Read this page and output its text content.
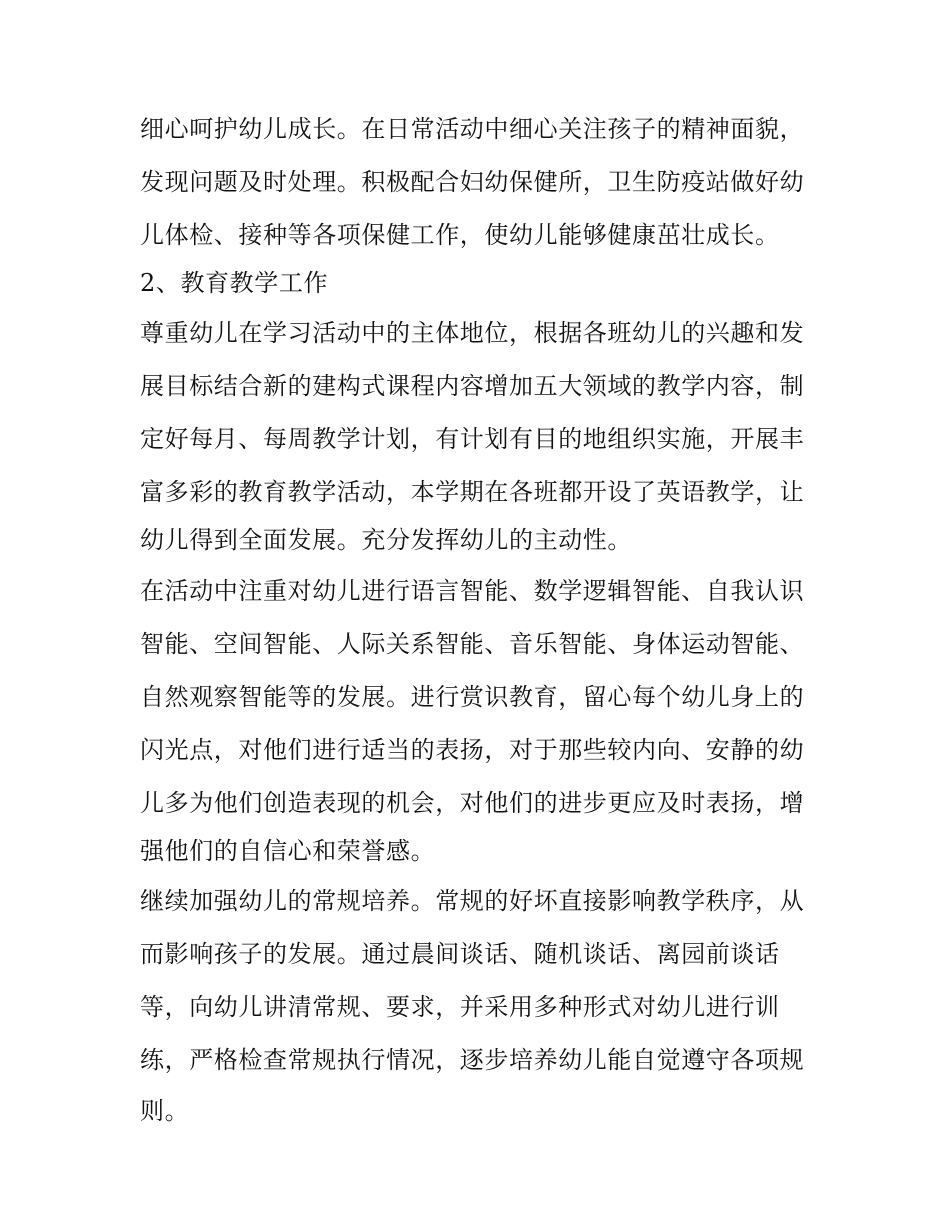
细心呵护幼儿成长。在日常活动中细心关注孩子的精神面貌，
发现问题及时处理。积极配合妇幼保健所，卫生防疫站做好幼
儿体检、接种等各项保健工作，使幼儿能够健康茁壮成长。
2、教育教学工作
尊重幼儿在学习活动中的主体地位，根据各班幼儿的兴趣和发
展目标结合新的建构式课程内容增加五大领域的教学内容，制
定好每月、每周教学计划，有计划有目的地组织实施，开展丰
富多彩的教育教学活动，本学期在各班都开设了英语教学，让
幼儿得到全面发展。充分发挥幼儿的主动性。
在活动中注重对幼儿进行语言智能、数学逻辑智能、自我认识
智能、空间智能、人际关系智能、音乐智能、身体运动智能、
自然观察智能等的发展。进行赏识教育，留心每个幼儿身上的
闪光点，对他们进行适当的表扬，对于那些较内向、安静的幼
儿多为他们创造表现的机会，对他们的进步更应及时表扬，增
强他们的自信心和荣誉感。
继续加强幼儿的常规培养。常规的好坏直接影响教学秩序，从
而影响孩子的发展。通过晨间谈话、随机谈话、离园前谈话
等，向幼儿讲清常规、要求，并采用多种形式对幼儿进行训
练，严格检查常规执行情况，逐步培养幼儿能自觉遵守各项规
则。
